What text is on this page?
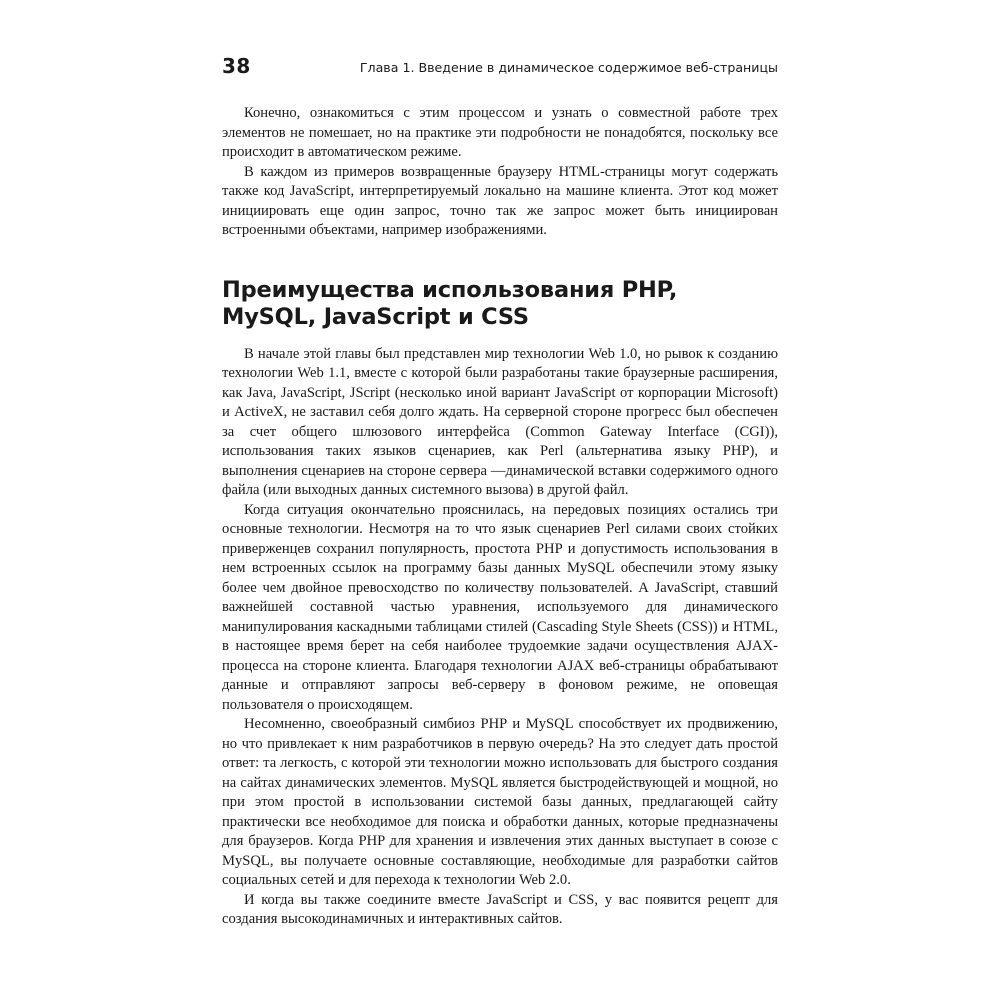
38	Глава 1. Введение в динамическое содержимое веб-страницы

Конечно, ознакомиться с этим процессом и узнать о совместной работе трех элементов не помешает, но на практике эти подробности не понадобятся, поскольку все происходит в автоматическом режиме.

В каждом из примеров возвращенные браузеру HTML-страницы могут содержать также код JavaScript, интерпретируемый локально на машине клиента. Этот код может инициировать еще один запрос, точно так же запрос может быть инициирован встроенными объектами, например изображениями.

Преимущества использования PHP,
MySQL, JavaScript и CSS

В начале этой главы был представлен мир технологии Web 1.0, но рывок к созданию технологии Web 1.1, вместе с которой были разработаны такие браузерные расширения, как Java, JavaScript, JScript (несколько иной вариант JavaScript от корпорации Microsoft) и ActiveX, не заставил себя долго ждать. На серверной стороне прогресс был обеспечен за счет общего шлюзового интерфейса (Common Gateway Interface (CGI)), использования таких языков сценариев, как Perl (альтернатива языку PHP), и выполнения сценариев на стороне сервера —динамической вставки содержимого одного файла (или выходных данных системного вызова) в другой файл.

Когда ситуация окончательно прояснилась, на передовых позициях остались три основные технологии. Несмотря на то что язык сценариев Perl силами своих стойких приверженцев сохранил популярность, простота PHP и допустимость использования в нем встроенных ссылок на программу базы данных MySQL обеспечили этому языку более чем двойное превосходство по количеству пользователей. А JavaScript, ставший важнейшей составной частью уравнения, используемого для динамического манипулирования каскадными таблицами стилей (Cascading Style Sheets (CSS)) и HTML, в настоящее время берет на себя наиболее трудоемкие задачи осуществления AJAX-процесса на стороне клиента. Благодаря технологии AJAX веб-страницы обрабатывают данные и отправляют запросы веб-серверу в фоновом режиме, не оповещая пользователя о происходящем.

Несомненно, своеобразный симбиоз PHP и MySQL способствует их продвижению, но что привлекает к ним разработчиков в первую очередь? На это следует дать простой ответ: та легкость, с которой эти технологии можно использовать для быстрого создания на сайтах динамических элементов. MySQL является быстродействующей и мощной, но при этом простой в использовании системой базы данных, предлагающей сайту практически все необходимое для поиска и обработки данных, которые предназначены для браузеров. Когда PHP для хранения и извлечения этих данных выступает в союзе с MySQL, вы получаете основные составляющие, необходимые для разработки сайтов социальных сетей и для перехода к технологии Web 2.0.

И когда вы также соедините вместе JavaScript и CSS, у вас появится рецепт для создания высокодинамичных и интерактивных сайтов.
